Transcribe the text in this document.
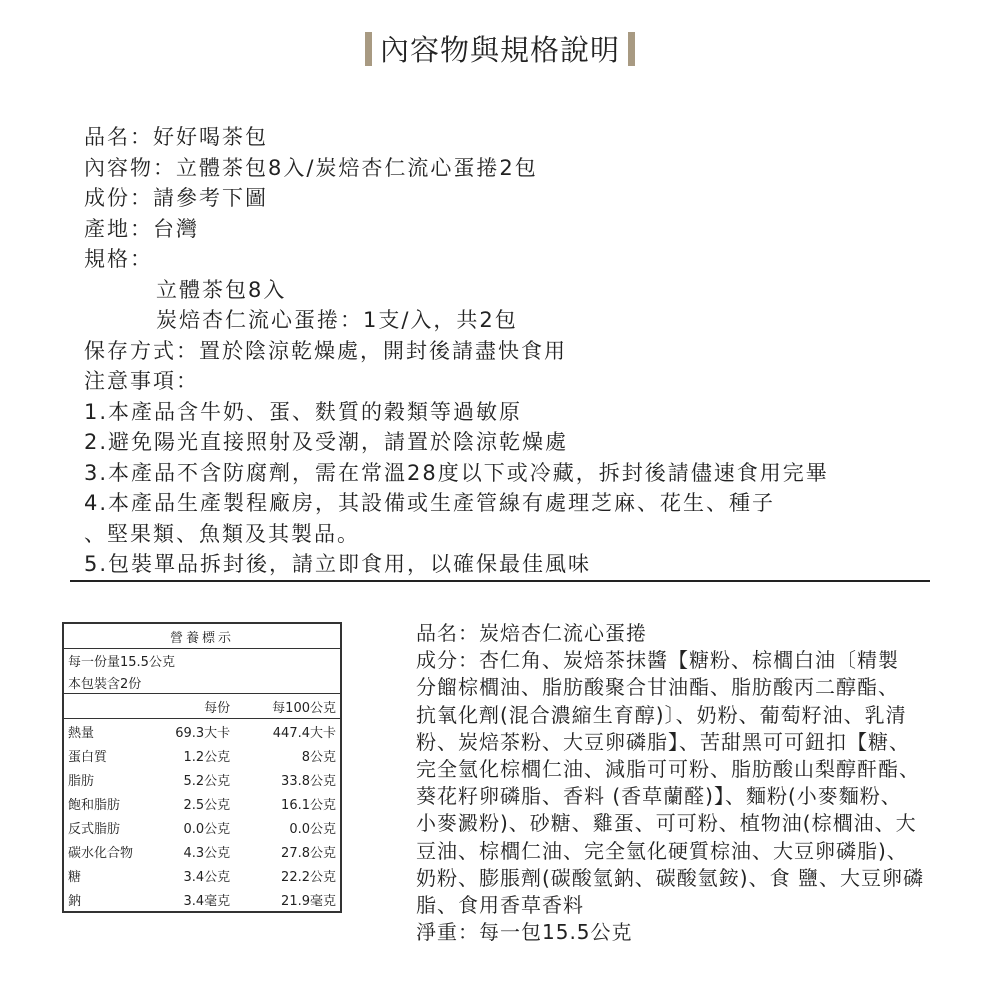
內容物與規格說明
品名：好好喝茶包
內容物：立體茶包8入/炭焙杏仁流心蛋捲2包
成份：請參考下圖
產地：台灣
規格：
立體茶包8入
炭焙杏仁流心蛋捲：1支/入，共2包
保存方式：置於陰涼乾燥處，開封後請盡快食用
注意事項：
1.本產品含牛奶、蛋、麩質的穀類等過敏原
2.避免陽光直接照射及受潮，請置於陰涼乾燥處
3.本產品不含防腐劑，需在常溫28度以下或冷藏，拆封後請儘速食用完畢
4.本產品生產製程廠房，其設備或生產管線有處理芝麻、花生、種子
、堅果類、魚類及其製品。
5.包裝單品拆封後，請立即食用，以確保最佳風味
營養標示		
每一份量15.5公克		
本包裝含2份		
	每份	每100公克
熱量	69.3大卡	447.4大卡
蛋白質	1.2公克	8公克
脂肪	5.2公克	33.8公克
飽和脂肪	2.5公克	16.1公克
反式脂肪	0.0公克	0.0公克
碳水化合物	4.3公克	27.8公克
糖	3.4公克	22.2公克
鈉	3.4毫克	21.9毫克
品名：炭焙杏仁流心蛋捲
成分：杏仁角、炭焙茶抹醬【糖粉、棕櫚白油〔精製
分餾棕櫚油、脂肪酸聚合甘油酯、脂肪酸丙二醇酯、
抗氧化劑(混合濃縮生育醇)〕、奶粉、葡萄籽油、乳清
粉、炭焙茶粉、大豆卵磷脂】、苦甜黑可可鈕扣【糖、
完全氫化棕櫚仁油、減脂可可粉、脂肪酸山梨醇酐酯、
葵花籽卵磷脂、香料 (香草蘭醛)】、麵粉(小麥麵粉、
小麥澱粉)、砂糖、雞蛋、可可粉、植物油(棕櫚油、大
豆油、棕櫚仁油、完全氫化硬質棕油、大豆卵磷脂)、
奶粉、膨脹劑(碳酸氫鈉、碳酸氫銨)、食 鹽、大豆卵磷
脂、食用香草香料
淨重：每一包15.5公克
